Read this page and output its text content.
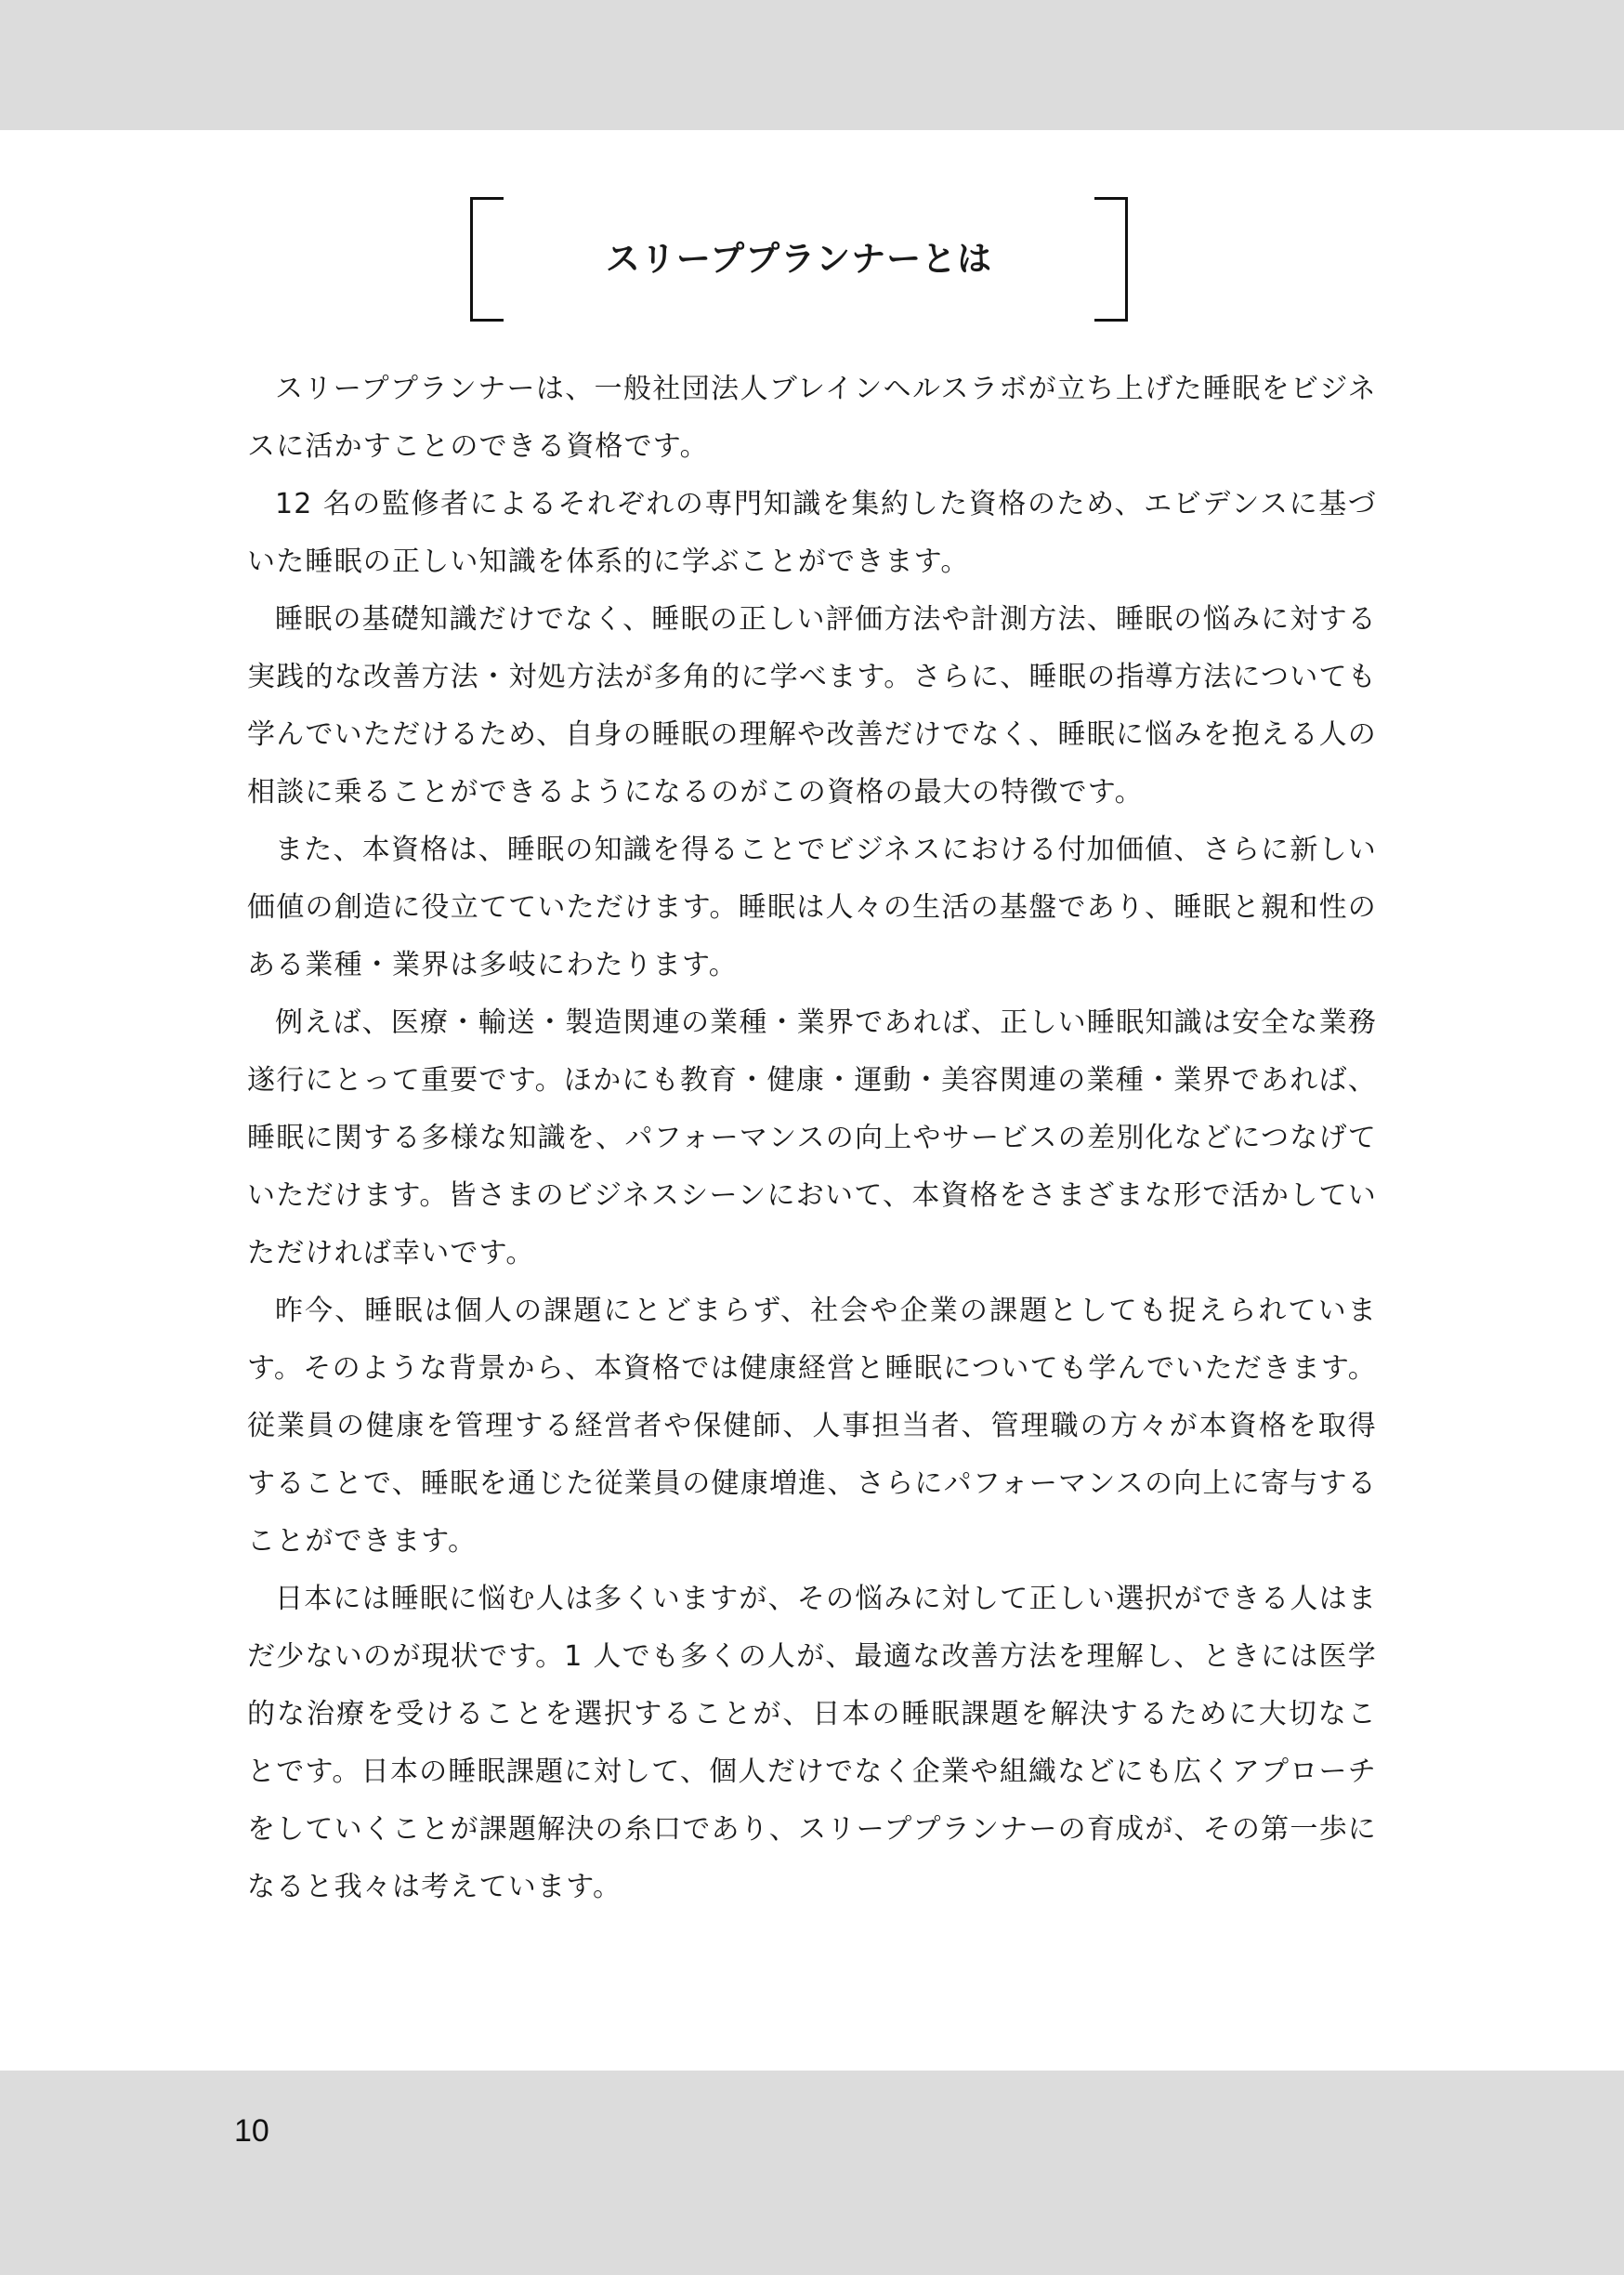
スリーププランナーとは

スリーププランナーは、一般社団法人ブレインヘルスラボが立ち上げた睡眠をビジネスに活かすことのできる資格です。

12 名の監修者によるそれぞれの専門知識を集約した資格のため、エビデンスに基づいた睡眠の正しい知識を体系的に学ぶことができます。

睡眠の基礎知識だけでなく、睡眠の正しい評価方法や計測方法、睡眠の悩みに対する実践的な改善方法・対処方法が多角的に学べます。さらに、睡眠の指導方法についても学んでいただけるため、自身の睡眠の理解や改善だけでなく、睡眠に悩みを抱える人の相談に乗ることができるようになるのがこの資格の最大の特徴です。

また、本資格は、睡眠の知識を得ることでビジネスにおける付加価値、さらに新しい価値の創造に役立てていただけます。睡眠は人々の生活の基盤であり、睡眠と親和性のある業種・業界は多岐にわたります。

例えば、医療・輸送・製造関連の業種・業界であれば、正しい睡眠知識は安全な業務遂行にとって重要です。ほかにも教育・健康・運動・美容関連の業種・業界であれば、睡眠に関する多様な知識を、パフォーマンスの向上やサービスの差別化などにつなげていただけます。皆さまのビジネスシーンにおいて、本資格をさまざまな形で活かしていただければ幸いです。

昨今、睡眠は個人の課題にとどまらず、社会や企業の課題としても捉えられています。そのような背景から、本資格では健康経営と睡眠についても学んでいただきます。従業員の健康を管理する経営者や保健師、人事担当者、管理職の方々が本資格を取得することで、睡眠を通じた従業員の健康増進、さらにパフォーマンスの向上に寄与することができます。

日本には睡眠に悩む人は多くいますが、その悩みに対して正しい選択ができる人はまだ少ないのが現状です。1 人でも多くの人が、最適な改善方法を理解し、ときには医学的な治療を受けることを選択することが、日本の睡眠課題を解決するために大切なことです。日本の睡眠課題に対して、個人だけでなく企業や組織などにも広くアプローチをしていくことが課題解決の糸口であり、スリーププランナーの育成が、その第一歩になると我々は考えています。

10
